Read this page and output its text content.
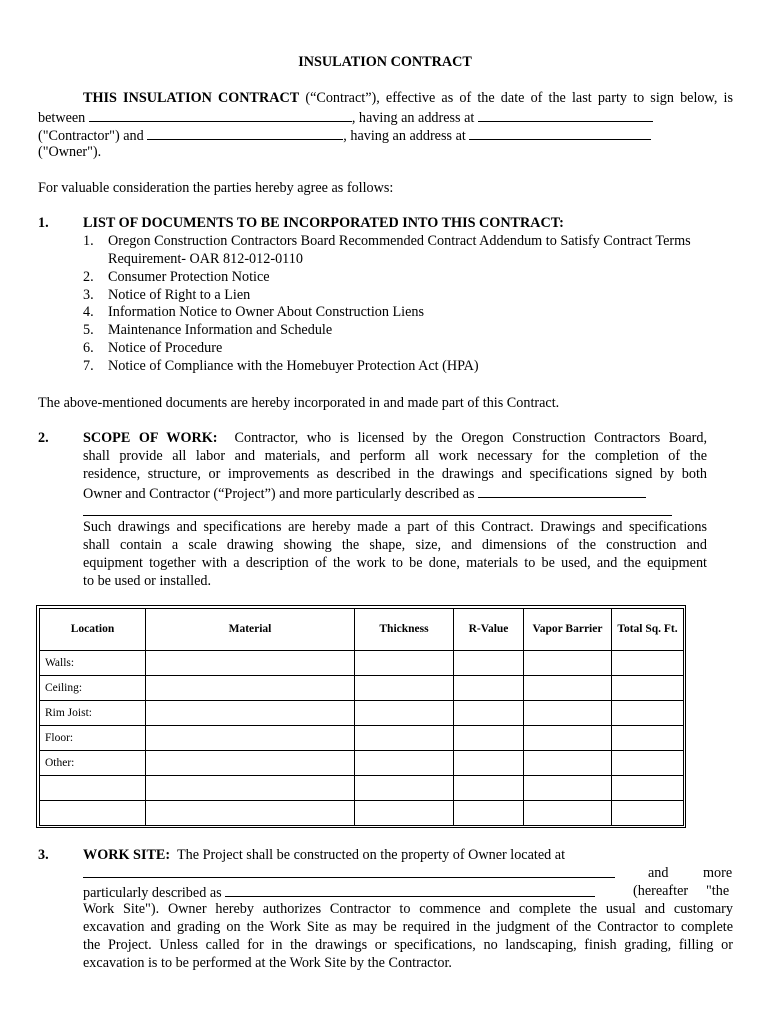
INSULATION CONTRACT
THIS INSULATION CONTRACT (“Contract”), effective as of the date of the last party to sign below, is
between	, having an address at
("Contractor") and	, having an address at
("Owner").
For valuable consideration the parties hereby agree as follows:
1. LIST OF DOCUMENTS TO BE INCORPORATED INTO THIS CONTRACT:
1. Oregon Construction Contractors Board Recommended Contract Addendum to Satisfy Contract Terms
Requirement- OAR 812-012-0110
2. Consumer Protection Notice
3. Notice of Right to a Lien
4. Information Notice to Owner About Construction Liens
5. Maintenance Information and Schedule
6. Notice of Procedure
7. Notice of Compliance with the Homebuyer Protection Act (HPA)
The above-mentioned documents are hereby incorporated in and made part of this Contract.
2. SCOPE OF WORK: Contractor, who is licensed by the Oregon Construction Contractors Board,
shall provide all labor and materials, and perform all work necessary for the completion of the
residence, structure, or improvements as described in the drawings and specifications signed by both
Owner and Contractor (“Project”) and more particularly described as
Such drawings and specifications are hereby made a part of this Contract. Drawings and specifications
shall contain a scale drawing showing the shape, size, and dimensions of the construction and
equipment together with a description of the work to be done, materials to be used, and the equipment
to be used or installed.
Location	Material	Thickness	R-Value	Vapor Barrier	Total Sq. Ft.
Walls:					
Ceiling:					
Rim Joist:					
Floor:					
Other:					

3. WORK SITE: The Project shall be constructed on the property of Owner located at
and more
particularly described as	(hereafter "the
Work Site"). Owner hereby authorizes Contractor to commence and complete the usual and customary
excavation and grading on the Work Site as may be required in the judgment of the Contractor to complete
the Project. Unless called for in the drawings or specifications, no landscaping, finish grading, filling or
excavation is to be performed at the Work Site by the Contractor.
